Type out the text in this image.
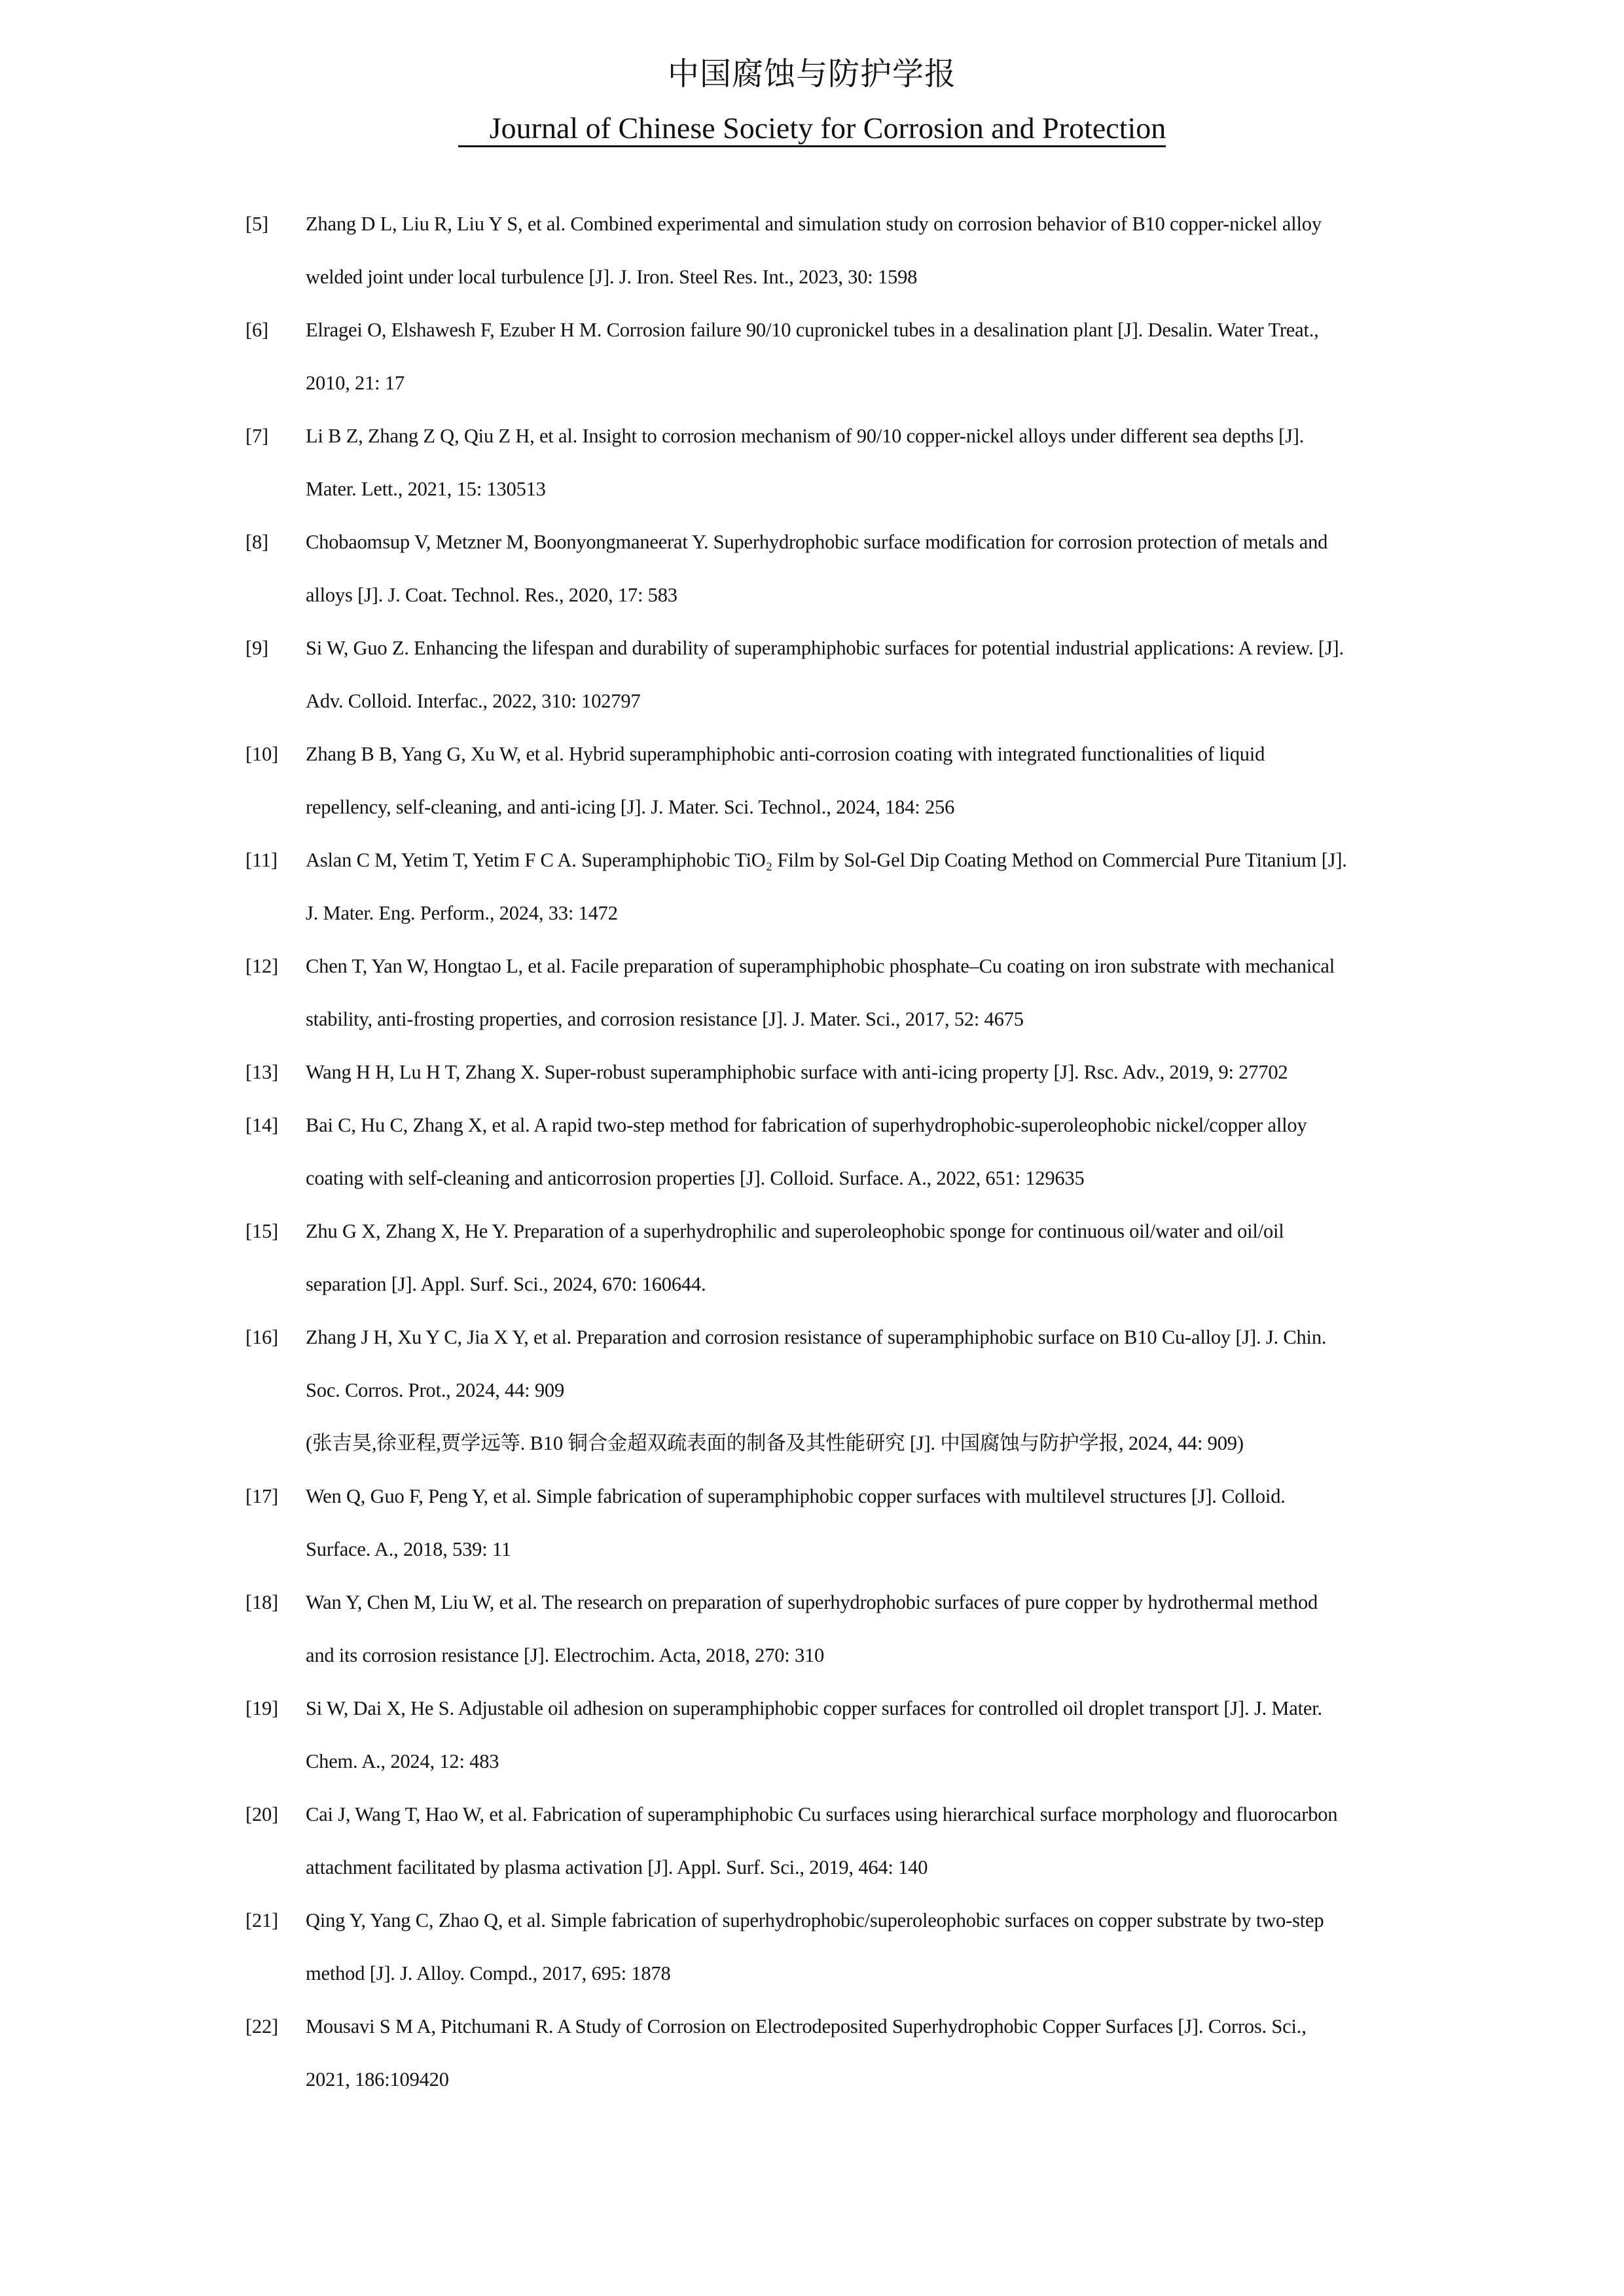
中国腐蚀与防护学报
Journal of Chinese Society for Corrosion and Protection
[5] Zhang D L, Liu R, Liu Y S, et al. Combined experimental and simulation study on corrosion behavior of B10 copper-nickel alloy
welded joint under local turbulence [J]. J. Iron. Steel Res. Int., 2023, 30: 1598
[6] Elragei O, Elshawesh F, Ezuber H M. Corrosion failure 90/10 cupronickel tubes in a desalination plant [J]. Desalin. Water Treat.,
2010, 21: 17
[7] Li B Z, Zhang Z Q, Qiu Z H, et al. Insight to corrosion mechanism of 90/10 copper-nickel alloys under different sea depths [J].
Mater. Lett., 2021, 15: 130513
[8] Chobaomsup V, Metzner M, Boonyongmaneerat Y. Superhydrophobic surface modification for corrosion protection of metals and
alloys [J]. J. Coat. Technol. Res., 2020, 17: 583
[9] Si W, Guo Z. Enhancing the lifespan and durability of superamphiphobic surfaces for potential industrial applications: A review. [J].
Adv. Colloid. Interfac., 2022, 310: 102797
[10] Zhang B B, Yang G, Xu W, et al. Hybrid superamphiphobic anti-corrosion coating with integrated functionalities of liquid
repellency, self-cleaning, and anti-icing [J]. J. Mater. Sci. Technol., 2024, 184: 256
[11] Aslan C M, Yetim T, Yetim F C A. Superamphiphobic TiO₂ Film by Sol-Gel Dip Coating Method on Commercial Pure Titanium [J].
J. Mater. Eng. Perform., 2024, 33: 1472
[12] Chen T, Yan W, Hongtao L, et al. Facile preparation of superamphiphobic phosphate–Cu coating on iron substrate with mechanical
stability, anti-frosting properties, and corrosion resistance [J]. J. Mater. Sci., 2017, 52: 4675
[13] Wang H H, Lu H T, Zhang X. Super-robust superamphiphobic surface with anti-icing property [J]. Rsc. Adv., 2019, 9: 27702
[14] Bai C, Hu C, Zhang X, et al. A rapid two-step method for fabrication of superhydrophobic-superoleophobic nickel/copper alloy
coating with self-cleaning and anticorrosion properties [J]. Colloid. Surface. A., 2022, 651: 129635
[15] Zhu G X, Zhang X, He Y. Preparation of a superhydrophilic and superoleophobic sponge for continuous oil/water and oil/oil
separation [J]. Appl. Surf. Sci., 2024, 670: 160644.
[16] Zhang J H, Xu Y C, Jia X Y, et al. Preparation and corrosion resistance of superamphiphobic surface on B10 Cu-alloy [J]. J. Chin.
Soc. Corros. Prot., 2024, 44: 909
(张吉昊,徐亚程,贾学远等. B10 铜合金超双疏表面的制备及其性能研究 [J]. 中国腐蚀与防护学报, 2024, 44: 909)
[17] Wen Q, Guo F, Peng Y, et al. Simple fabrication of superamphiphobic copper surfaces with multilevel structures [J]. Colloid.
Surface. A., 2018, 539: 11
[18] Wan Y, Chen M, Liu W, et al. The research on preparation of superhydrophobic surfaces of pure copper by hydrothermal method
and its corrosion resistance [J]. Electrochim. Acta, 2018, 270: 310
[19] Si W, Dai X, He S. Adjustable oil adhesion on superamphiphobic copper surfaces for controlled oil droplet transport [J]. J. Mater.
Chem. A., 2024, 12: 483
[20] Cai J, Wang T, Hao W, et al. Fabrication of superamphiphobic Cu surfaces using hierarchical surface morphology and fluorocarbon
attachment facilitated by plasma activation [J]. Appl. Surf. Sci., 2019, 464: 140
[21] Qing Y, Yang C, Zhao Q, et al. Simple fabrication of superhydrophobic/superoleophobic surfaces on copper substrate by two-step
method [J]. J. Alloy. Compd., 2017, 695: 1878
[22] Mousavi S M A, Pitchumani R. A Study of Corrosion on Electrodeposited Superhydrophobic Copper Surfaces [J]. Corros. Sci.,
2021, 186:109420
